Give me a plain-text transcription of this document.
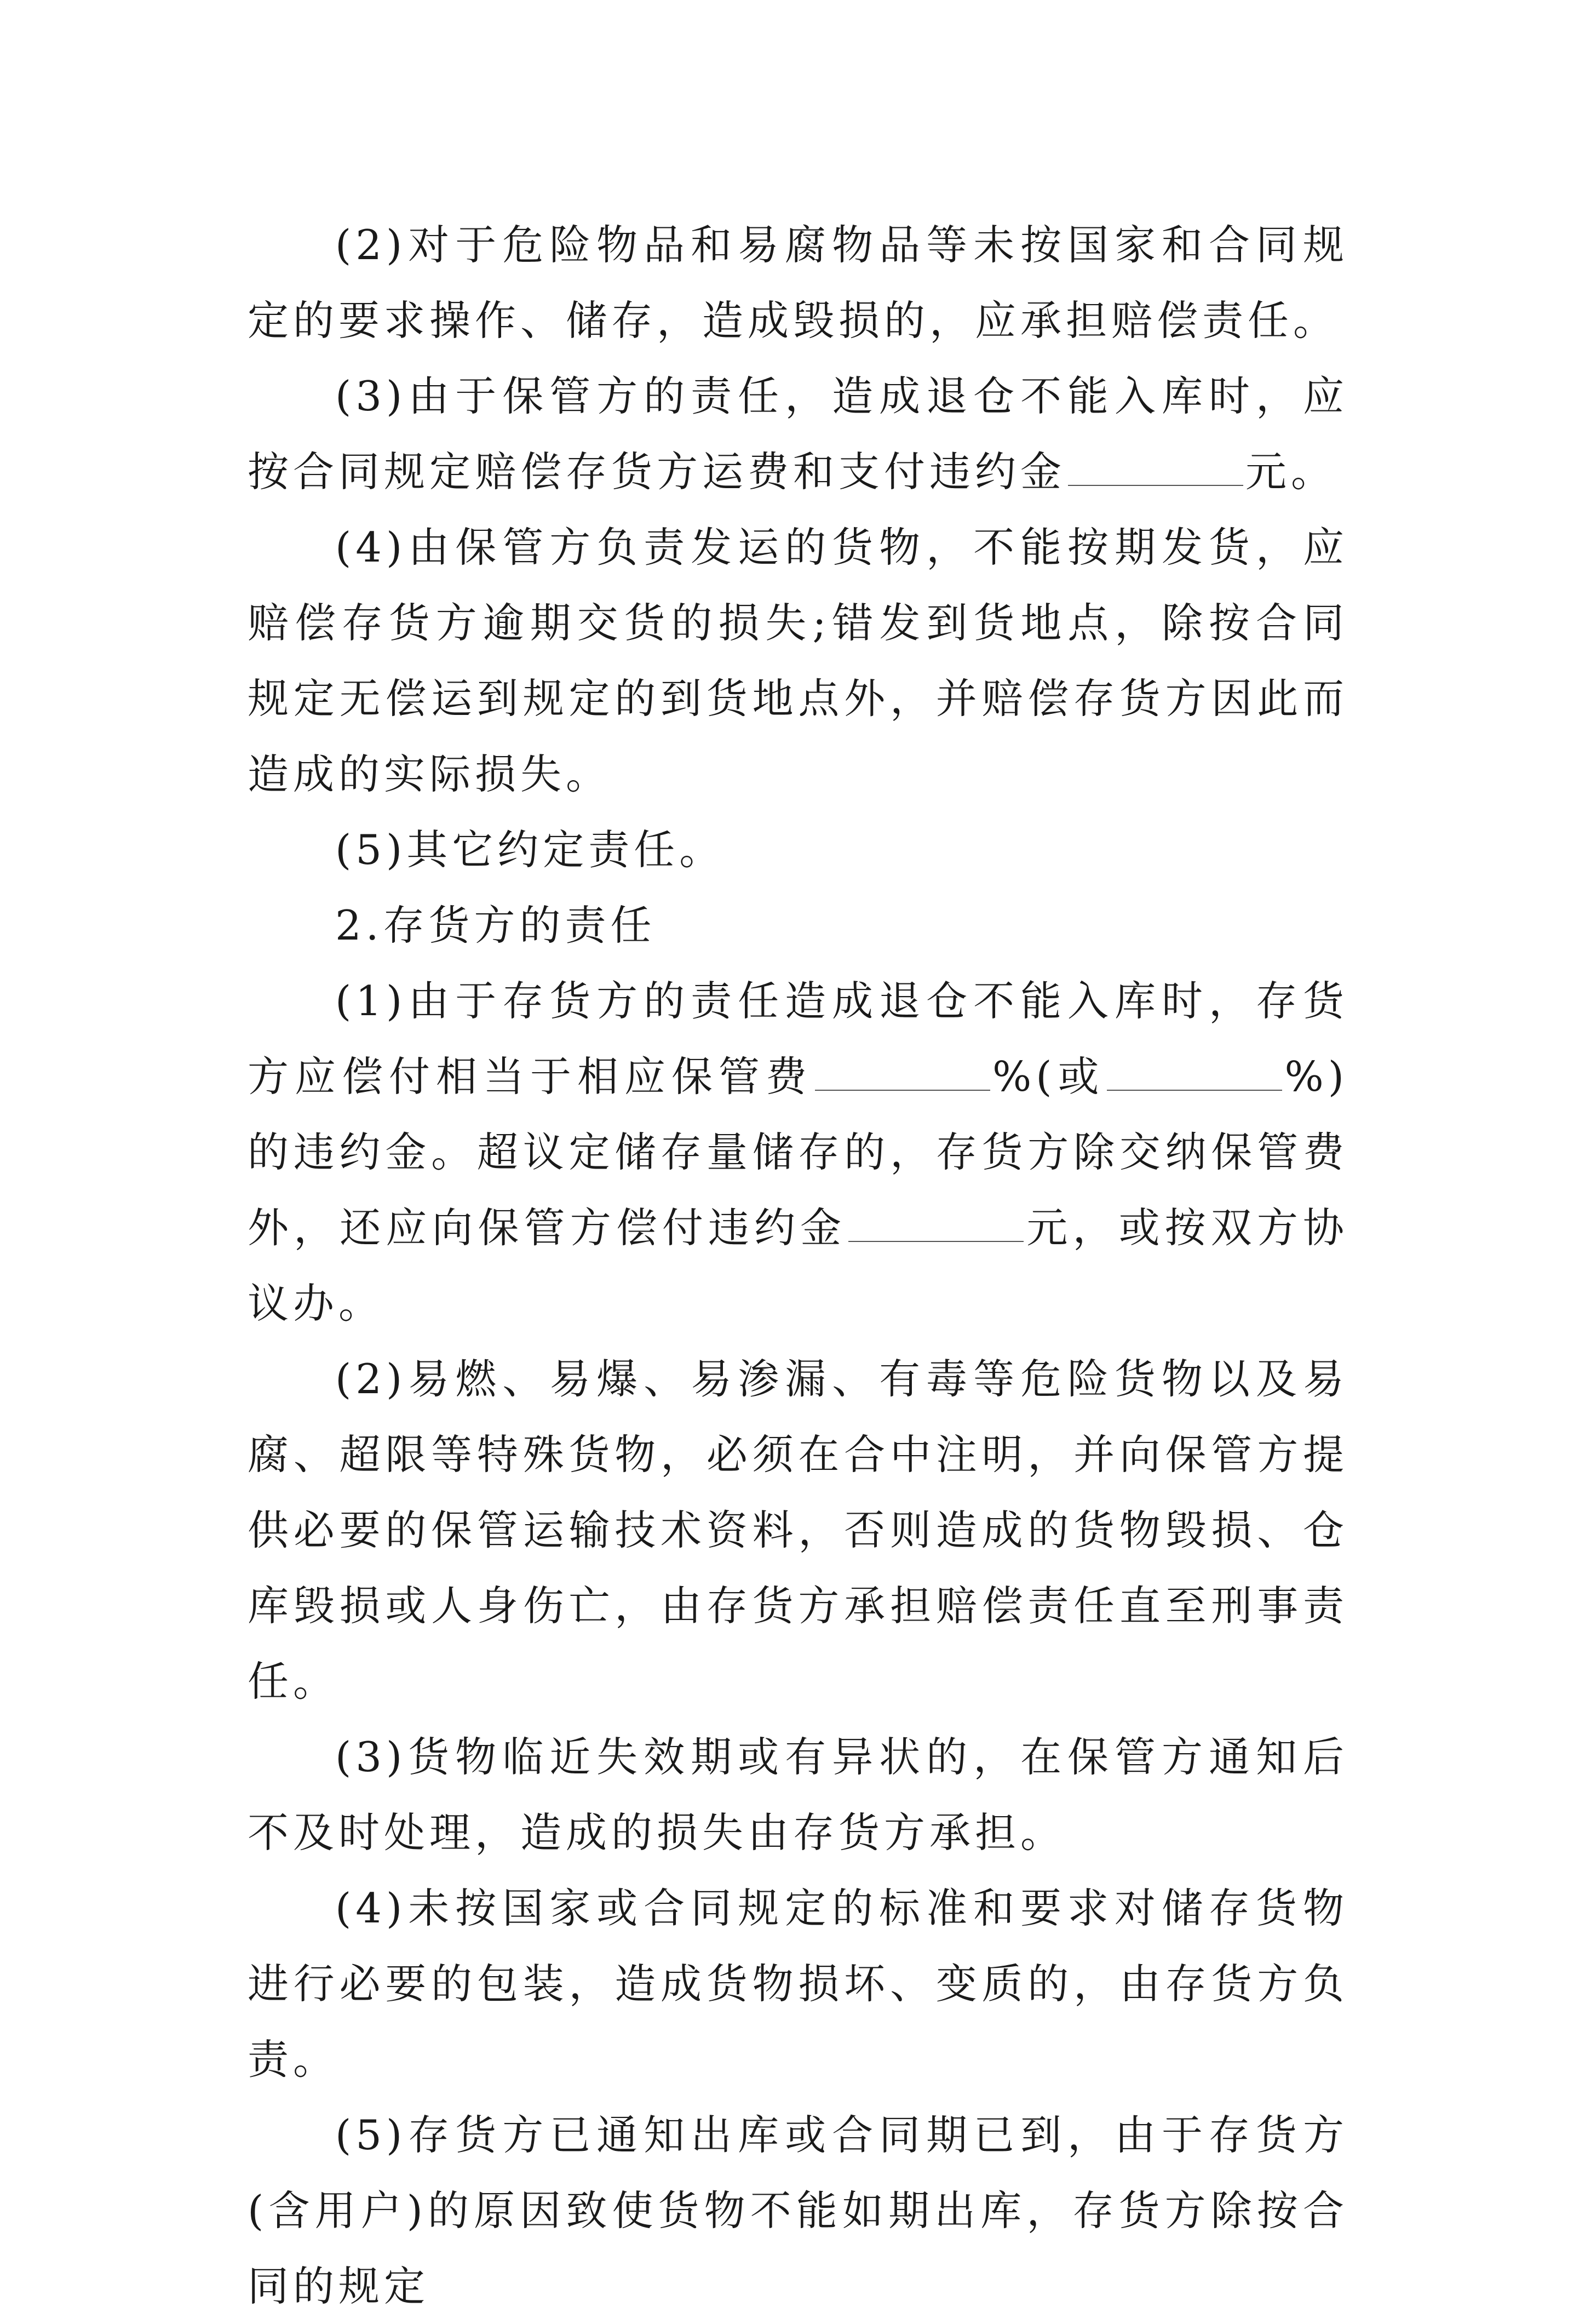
(2)对于危险物品和易腐物品等未按国家和合同规定的要求操作、储存，造成毁损的，应承担赔偿责任。

(3)由于保管方的责任，造成退仓不能入库时，应按合同规定赔偿存货方运费和支付违约金	元。

(4)由保管方负责发运的货物，不能按期发货，应赔偿存货方逾期交货的损失;错发到货地点，除按合同规定无偿运到规定的到货地点外，并赔偿存货方因此而造成的实际损失。

(5)其它约定责任。

2.存货方的责任

(1)由于存货方的责任造成退仓不能入库时，存货方应偿付相当于相应保管费	%(或	%)的违约金。超议定储存量储存的，存货方除交纳保管费外，还应向保管方偿付违约金	元，或按双方协议办。

(2)易燃、易爆、易渗漏、有毒等危险货物以及易腐、超限等特殊货物，必须在合中注明，并向保管方提供必要的保管运输技术资料，否则造成的货物毁损、仓库毁损或人身伤亡，由存货方承担赔偿责任直至刑事责任。

(3)货物临近失效期或有异状的，在保管方通知后不及时处理，造成的损失由存货方承担。

(4)未按国家或合同规定的标准和要求对储存货物进行必要的包装，造成货物损坏、变质的，由存货方负责。

(5)存货方已通知出库或合同期已到，由于存货方(含用户)的原因致使货物不能如期出库，存货方除按合同的规定
